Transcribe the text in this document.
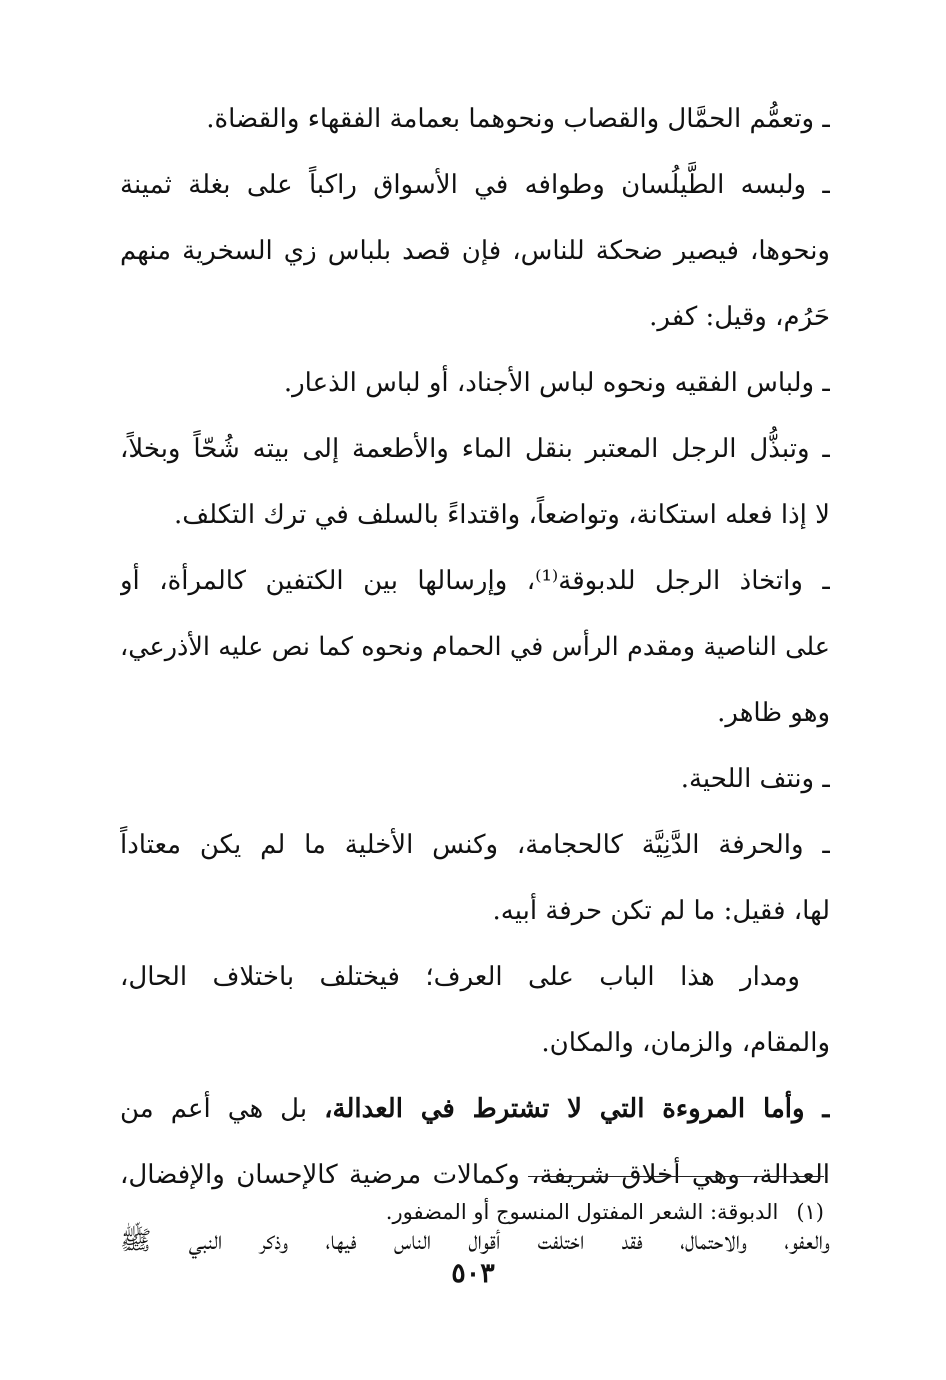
ـ وتعمُّم الحمَّال والقصاب ونحوهما بعمامة الفقهاء والقضاة.
ـ ولبسه الطَّيلُسان وطوافه في الأسواق راكباً على بغلة ثمينة
ونحوها، فيصير ضحكة للناس، فإن قصد بلباس زي السخرية منهم
حَرُم، وقيل: كفر.
ـ ولباس الفقيه ونحوه لباس الأجناد، أو لباس الذعار.
ـ وتبذُّل الرجل المعتبر بنقل الماء والأطعمة إلى بيته شُحّاً وبخلاً،
لا إذا فعله استكانة، وتواضعاً، واقتداءً بالسلف في ترك التكلف.
ـ واتخاذ الرجل للدبوقة⁽¹⁾، وإرسالها بين الكتفين كالمرأة، أو
على الناصية ومقدم الرأس في الحمام ونحوه كما نص عليه الأذرعي،
وهو ظاهر.
ـ ونتف اللحية.
ـ والحرفة الدَّنِيَّة كالحجامة، وكنس الأخلية ما لم يكن معتاداً
لها، فقيل: ما لم تكن حرفة أبيه.
ومدار هذا الباب على العرف؛ فيختلف باختلاف الحال،
والمقام، والزمان، والمكان.
ـ وأما المروءة التي لا تشترط في العدالة، بل هي أعم من
العدالة، وهي أخلاق شريفة، وكمالات مرضية كالإحسان والإفضال،
والعفو، والاحتمال، فقد اختلفت أقوال الناس فيها، وذكر النبي ﷺ
(١)الدبوقة: الشعر المفتول المنسوج أو المضفور.
٥٠٣
